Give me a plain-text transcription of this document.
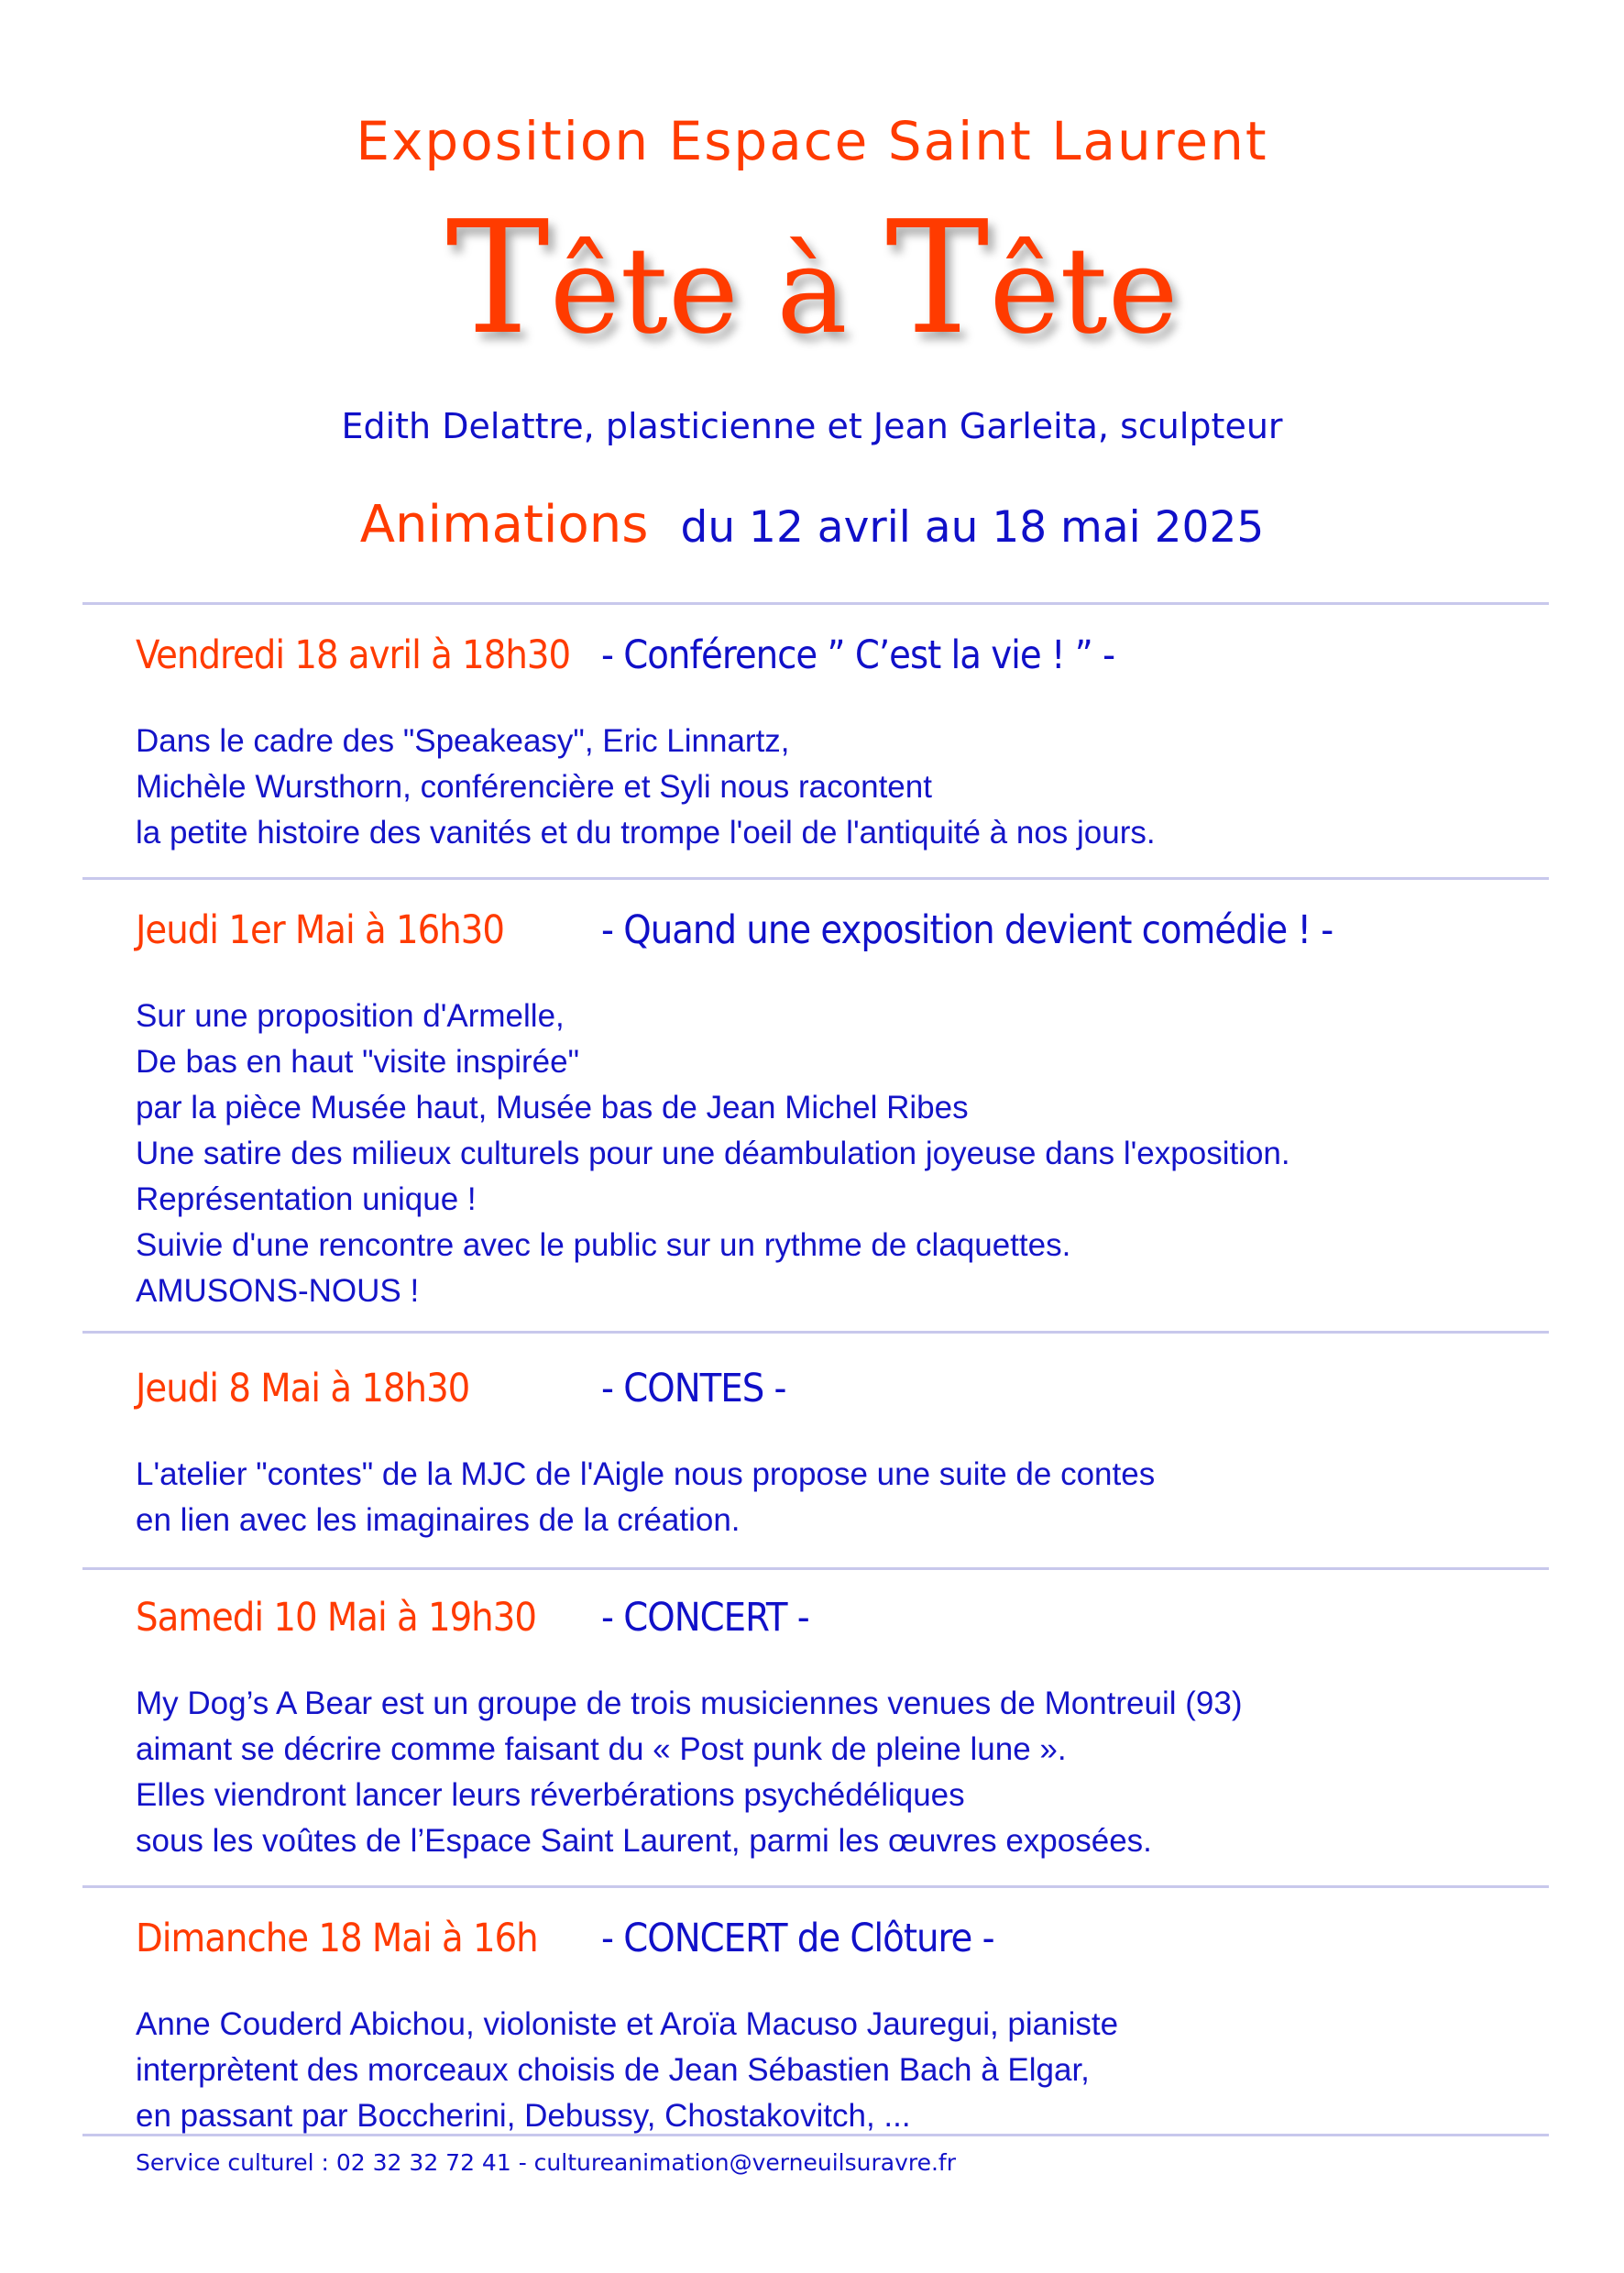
Exposition Espace Saint Laurent
Tête à Tête
Edith Delattre, plasticienne et Jean Garleita, sculpteur
Animations du 12 avril au 18 mai 2025
Vendredi 18 avril à 18h30 - Conférence ” C’est la vie ! ” -
Dans le cadre des "Speakeasy", Eric Linnartz,
Michèle Wursthorn, conférencière et Syli nous racontent
la petite histoire des vanités et du trompe l'oeil de l'antiquité à nos jours.
Jeudi 1er Mai à 16h30 - Quand une exposition devient comédie ! -
Sur une proposition d'Armelle,
De bas en haut "visite inspirée"
par la pièce Musée haut, Musée bas de Jean Michel Ribes
Une satire des milieux culturels pour une déambulation joyeuse dans l'exposition.
Représentation unique !
Suivie d'une rencontre avec le public sur un rythme de claquettes.
AMUSONS-NOUS !
Jeudi 8 Mai à 18h30	- CONTES -
L'atelier "contes" de la MJC de l'Aigle nous propose une suite de contes
en lien avec les imaginaires de la création.
Samedi 10 Mai à 19h30 - CONCERT -
My Dog’s A Bear est un groupe de trois musiciennes venues de Montreuil (93)
aimant se décrire comme faisant du « Post punk de pleine lune ».
Elles viendront lancer leurs réverbérations psychédéliques
sous les voûtes de l’Espace Saint Laurent, parmi les œuvres exposées.
Dimanche 18 Mai à 16h - CONCERT de Clôture -
Anne Couderd Abichou, violoniste et Aroïa Macuso Jauregui, pianiste
interprètent des morceaux choisis de Jean Sébastien Bach à Elgar,
en passant par Boccherini, Debussy, Chostakovitch, ...
Service culturel : 02 32 32 72 41 - cultureanimation@verneuilsuravre.fr
